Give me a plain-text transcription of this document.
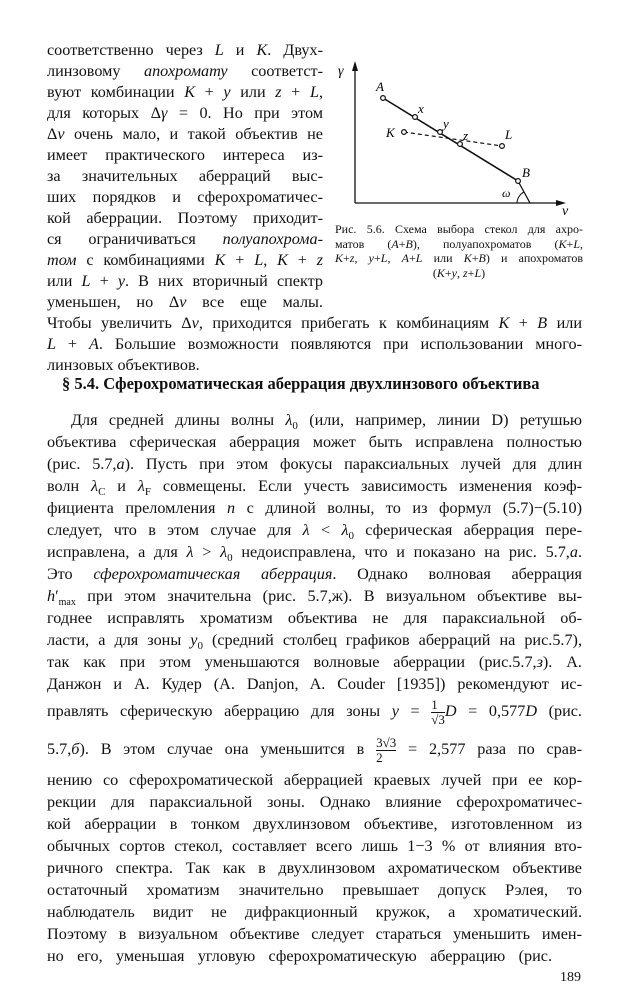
соответственно через L и K. Двух-
линзовому апохромату соответст-
вуют комбинации K + y или z + L,
для которых Δγ = 0. Но при этом
Δν очень мало, и такой объектив не
имеет практического интереса из-
за значительных аберраций выс-
ших порядков и сферохроматичес-
кой аберрации. Поэтому приходит-
ся ограничиваться полуапохрома-
том с комбинациями K + L, K + z
или L + y. В них вторичный спектр
уменьшен, но Δν все еще малы.
γ
ν
A
x
K
y
z	L
B
ω
Рис. 5.6. Схема выбора стекол для ахро-
матов (A+B), полуапохроматов (K+L,
K+z, y+L, A+L или K+B) и апохроматов
(K+y, z+L)
Чтобы увеличить Δν, приходится прибегать к комбинациям K + B или
L + A. Большие возможности появляются при использовании много-
линзовых объективов.
§ 5.4. Сферохроматическая аберрация двухлинзового объектива
Для средней длины волны $\lambda_0$ (или, например, линии D) ретушью
объектива сферическая аберрация может быть исправлена полностью
(рис. 5.7,а). Пусть при этом фокусы параксиальных лучей для длин
волн $\lambda_C$ и $\lambda_F$ совмещены. Если учесть зависимость изменения коэф-
фициента преломления n с длиной волны, то из формул (5.7)−(5.10)
следует, что в этом случае для $\lambda < \lambda_0$ сферическая аберрация пере-
исправлена, а для $\lambda > \lambda_0$ недоисправлена, что и показано на рис. 5.7,а.
Это сферохроматическая аберрация. Однако волновая аберрация
$h'_{max}$ при этом значительна (рис. 5.7,ж). В визуальном объективе вы-
годнее исправлять хроматизм объектива не для параксиальной об-
ласти, а для зоны $y_0$ (средний столбец графиков аберраций на рис.5.7),
так как при этом уменьшаются волновые аберрации (рис.5.7,з). А.
Данжон и А. Кудер (A. Danjon, A. Couder [1935]) рекомендуют ис-
правлять сферическую аберрацию для зоны $y = \frac{1}{√3}$ D = 0,577D (рис.
5.7,б). В этом случае она уменьшится в $\frac{3√3}{2} = 2,577$ раза по срав-
нению со сферохроматической аберрацией краевых лучей при ее кор-
рекции для параксиальной зоны. Однако влияние сферохроматичес-
кой аберрации в тонком двухлинзовом объективе, изготовленном из
обычных сортов стекол, составляет всего лишь 1−3 % от влияния вто-
ричного спектра. Так как в двухлинзовом ахроматическом объективе
остаточный хроматизм значительно превышает допуск Рэлея, то
наблюдатель видит не дифракционный кружок, а хроматический.
Поэтому в визуальном объективе следует стараться уменьшить имен-
но его, уменьшая угловую сферохроматическую аберрацию (рис.
189
